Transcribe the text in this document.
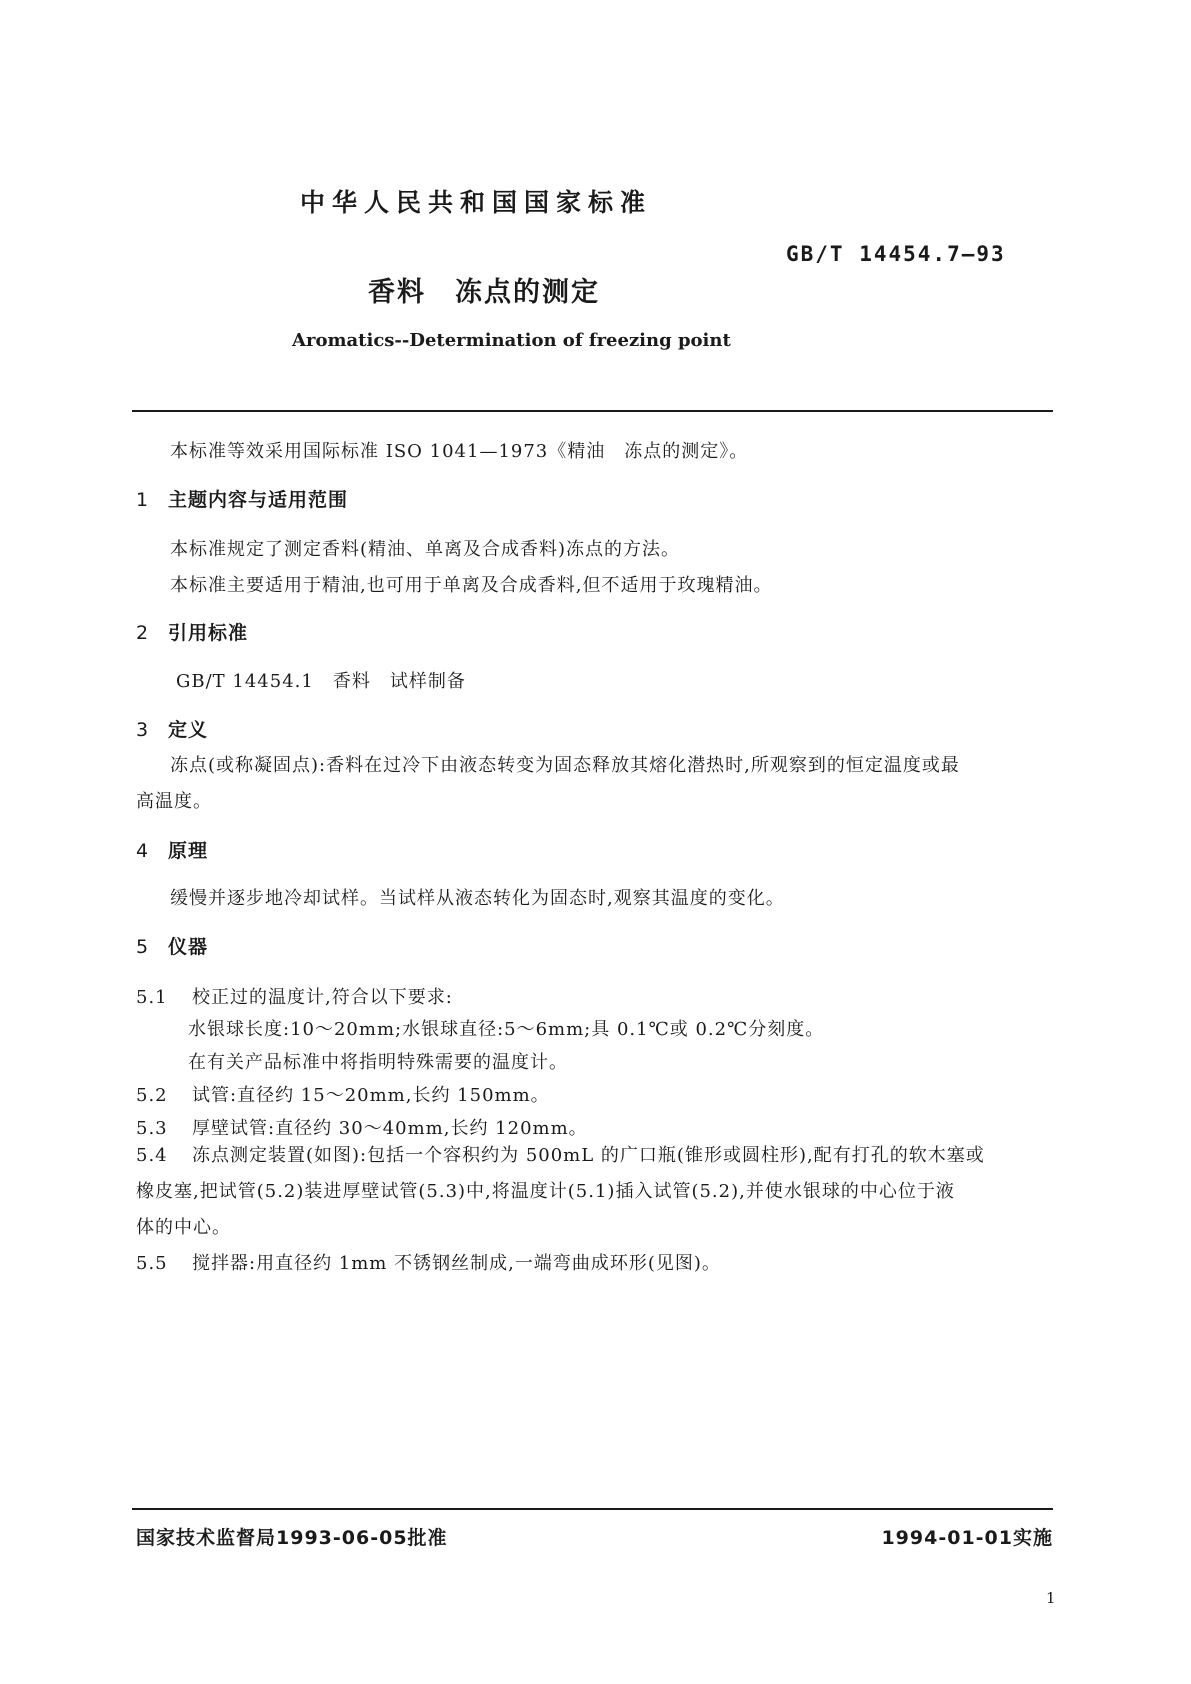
中华人民共和国国家标准
GB/T 14454.7—93
香料　冻点的测定
Aromatics--Determination of freezing point
本标准等效采用国际标准 ISO 1041—1973《精油　冻点的测定》。
1 主题内容与适用范围
本标准规定了测定香料(精油、单离及合成香料)冻点的方法。
本标准主要适用于精油,也可用于单离及合成香料,但不适用于玫瑰精油。
2 引用标准
GB/T 14454.1　香料　试样制备
3 定义
冻点(或称凝固点):香料在过冷下由液态转变为固态释放其熔化潜热时,所观察到的恒定温度或最
高温度。
4 原理
缓慢并逐步地冷却试样。当试样从液态转化为固态时,观察其温度的变化。
5 仪器
5.1 校正过的温度计,符合以下要求:
水银球长度:10～20mm;水银球直径:5～6mm;具 0.1℃或 0.2℃分刻度。
在有关产品标准中将指明特殊需要的温度计。
5.2 试管:直径约 15～20mm,长约 150mm。
5.3 厚壁试管:直径约 30～40mm,长约 120mm。
5.4 冻点测定装置(如图):包括一个容积约为 500mL 的广口瓶(锥形或圆柱形),配有打孔的软木塞或
橡皮塞,把试管(5.2)装进厚壁试管(5.3)中,将温度计(5.1)插入试管(5.2),并使水银球的中心位于液
体的中心。
5.5 搅拌器:用直径约 1mm 不锈钢丝制成,一端弯曲成环形(见图)。
国家技术监督局1993-06-05批准	1994-01-01实施
1
